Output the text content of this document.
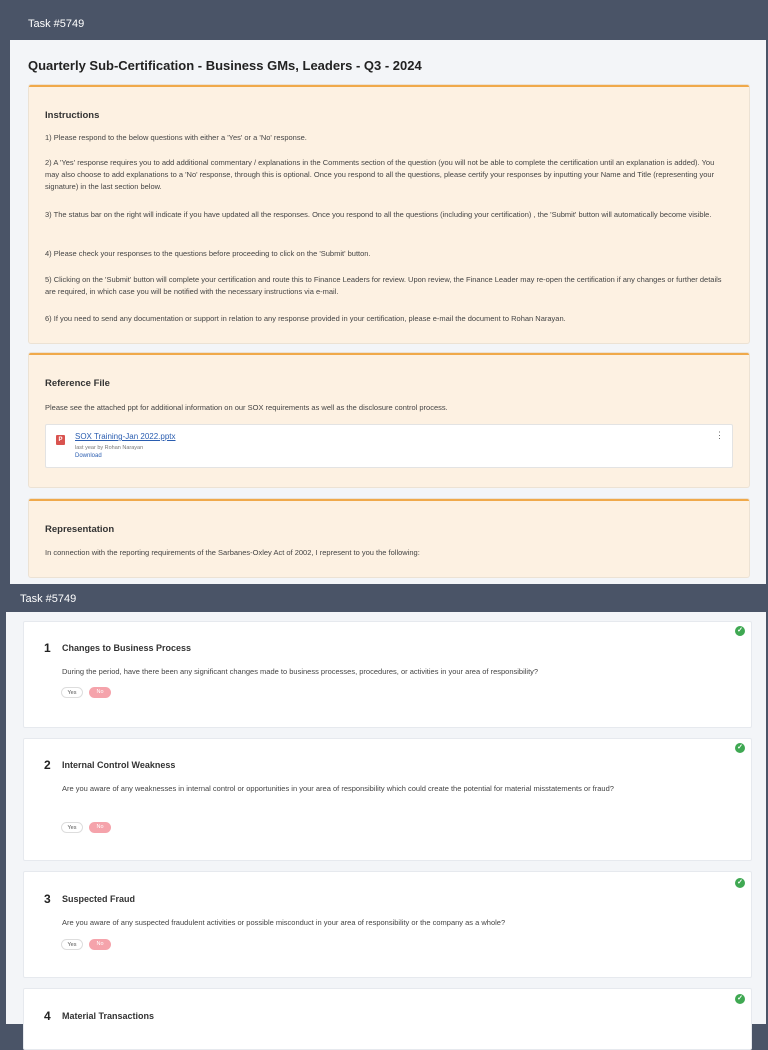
Task #5749
Quarterly Sub-Certification - Business GMs, Leaders - Q3 - 2024
Instructions

1) Please respond to the below questions with either a 'Yes' or a 'No' response.

2) A 'Yes' response requires you to add additional commentary / explanations in the Comments section of the question (you will not be able to complete the certification until an explanation is added). You may also choose to add explanations to a 'No' response, through this is optional. Once you respond to all the questions, please certify your responses by inputting your Name and Title (representing your signature) in the last section below.

3) The status bar on the right will indicate if you have updated all the responses. Once you respond to all the questions (including your certification) , the 'Submit' button will automatically become visible.

4) Please check your responses to the questions before proceeding to click on the 'Submit' button.

5) Clicking on the 'Submit' button will complete your certification and route this to Finance Leaders for review. Upon review, the Finance Leader may re-open the certification if any changes or further details are required, in which case you will be notified with the necessary instructions via e-mail.

6) If you need to send any documentation or support in relation to any response provided in your certification, please e-mail the document to Rohan Narayan.

Reference File

Please see the attached ppt for additional information on our SOX requirements as well as the disclosure control process.

P	SOX Training-Jan 2022.pptx
last year by Rohan Narayan
Download
⋮
Representation

In connection with the reporting requirements of the Sarbanes-Oxley Act of 2002, I represent to you the following:

Task #5749
✓
1 Changes to Business Process

During the period, have there been any significant changes made to business processes, procedures, or activities in your area of responsibility?

Yes	No
✓
2 Internal Control Weakness

Are you aware of any weaknesses in internal control or opportunities in your area of responsibility which could create the potential for material misstatements or fraud?

Yes	No
✓
3 Suspected Fraud

Are you aware of any suspected fraudulent activities or possible misconduct in your area of responsibility or the company as a whole?

Yes	No
✓
4 Material Transactions
